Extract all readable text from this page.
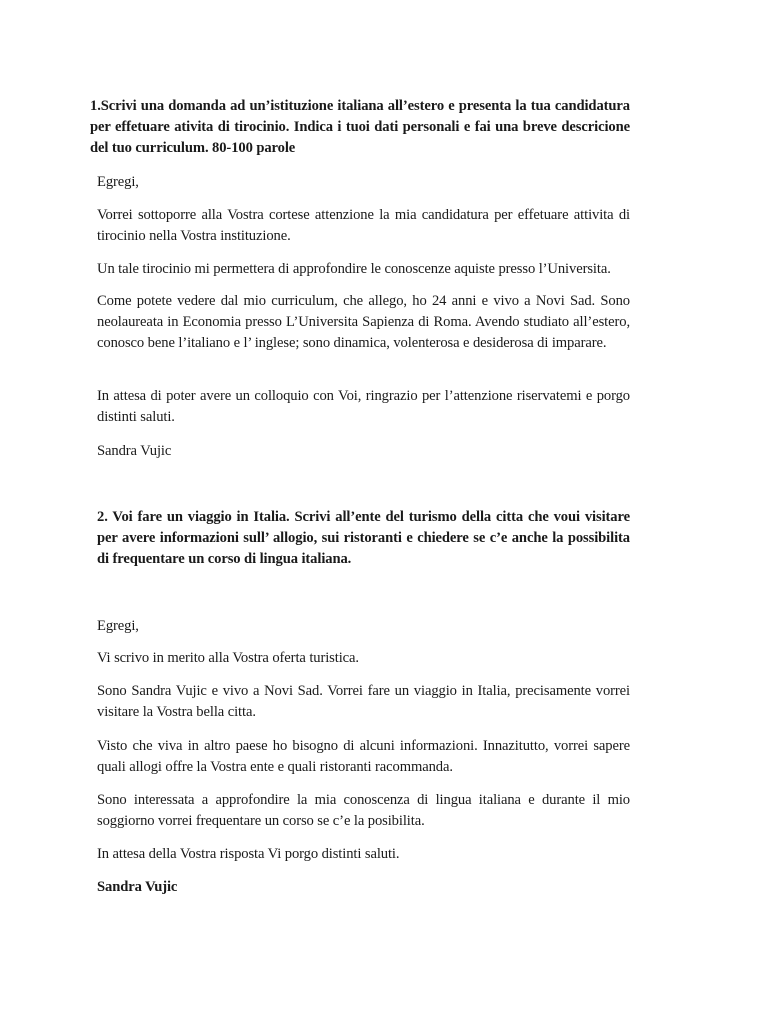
1.Scrivi una domanda ad un’istituzione italiana all’estero e presenta la tua candidatura per effetuare ativita di tirocinio. Indica i tuoi dati personali e fai una breve descricione del tuo curriculum. 80-100 parole
Egregi,
Vorrei sottoporre alla Vostra cortese attenzione la mia candidatura per effetuare attivita di tirocinio nella Vostra instituzione.
Un tale tirocinio mi permettera di approfondire le conoscenze aquiste presso l’Universita.
Come potete vedere dal mio curriculum, che allego, ho 24 anni e vivo a Novi Sad. Sono neolaureata in Economia presso L’Universita Sapienza di Roma. Avendo studiato all’estero, conosco bene l’italiano e l’ inglese; sono dinamica, volenterosa e desiderosa di imparare.
In attesa di poter avere un colloquio con Voi, ringrazio per l’attenzione riservatemi e porgo distinti saluti.
Sandra Vujic
2. Voi fare un viaggio in Italia. Scrivi all’ente del turismo della citta che voui visitare per avere informazioni sull’ allogio, sui ristoranti e chiedere se c’e anche la possibilita di frequentare un corso di lingua italiana.
Egregi,
Vi scrivo in merito alla Vostra oferta turistica.
Sono Sandra Vujic e vivo a Novi Sad. Vorrei fare un viaggio in Italia, precisamente vorrei visitare la Vostra bella citta.
Visto che viva in altro paese ho bisogno di alcuni informazioni. Innazitutto, vorrei sapere quali allogi offre la Vostra ente e quali ristoranti racommanda.
Sono interessata a approfondire la mia conoscenza di lingua italiana e durante il mio soggiorno vorrei frequentare un corso se c’e la posibilita.
In attesa della Vostra risposta Vi porgo distinti saluti.
Sandra Vujic
